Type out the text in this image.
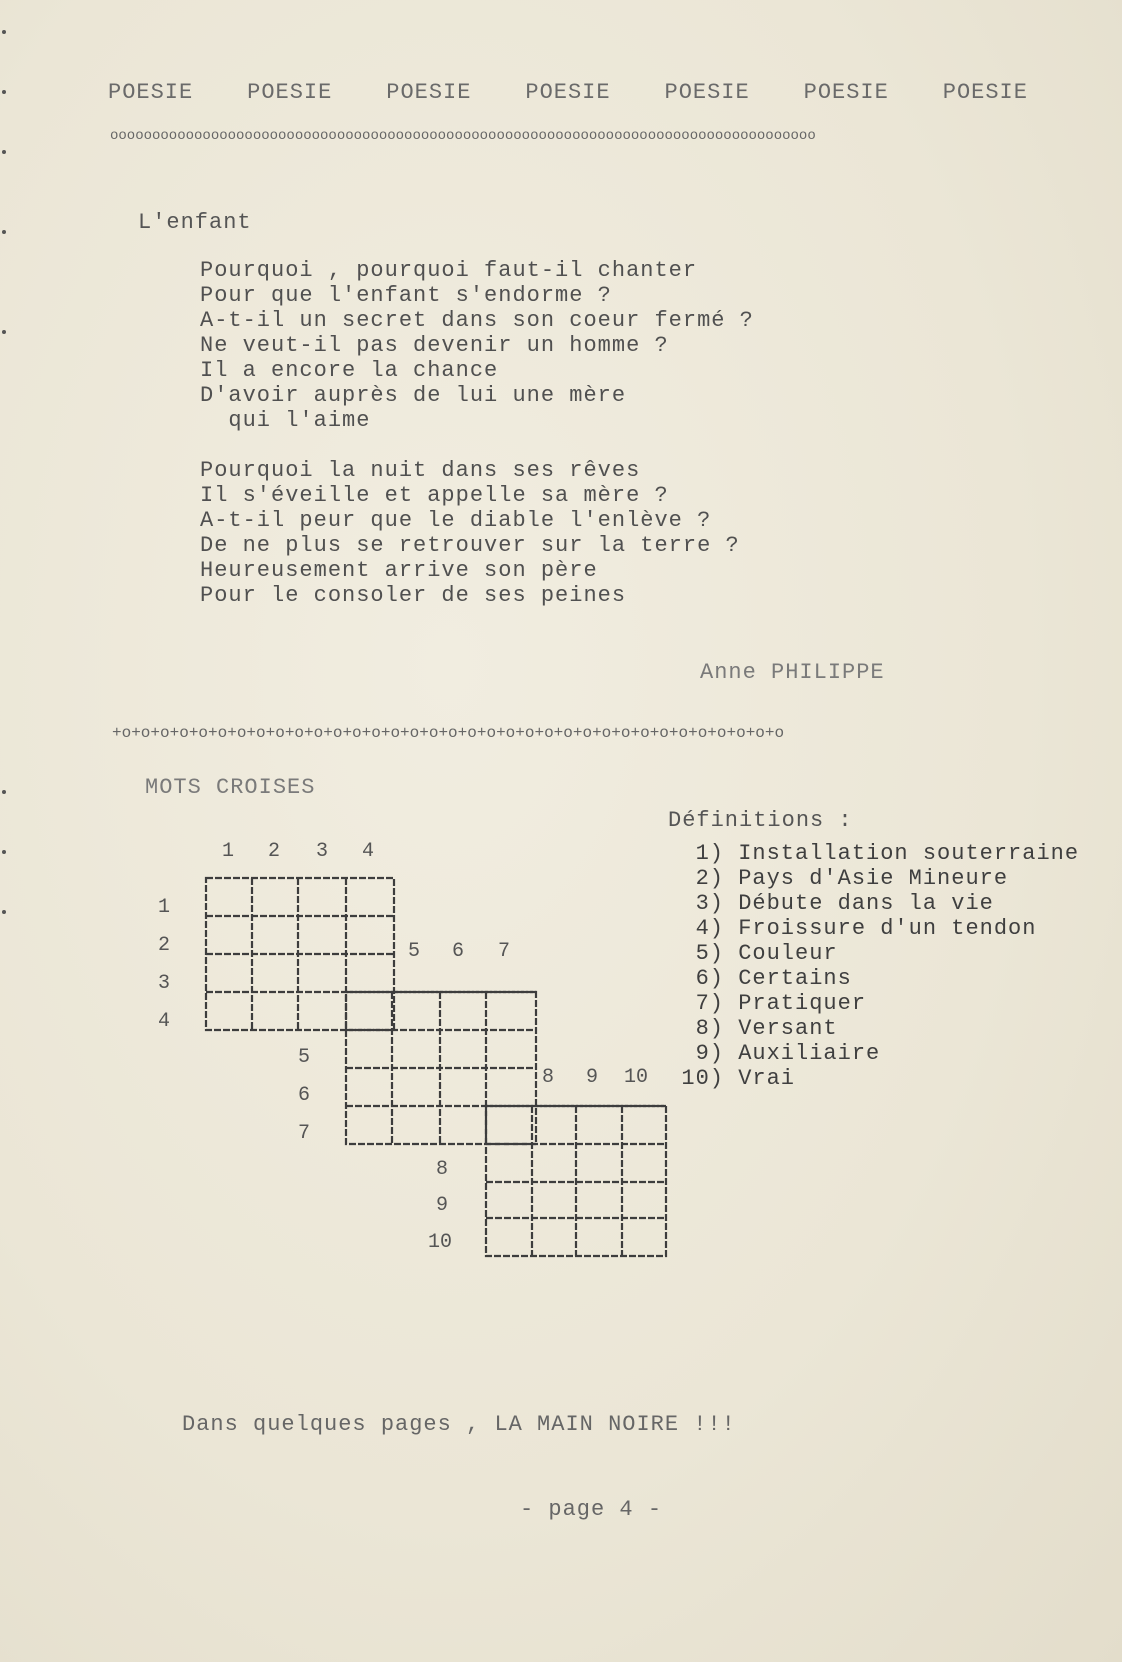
POESIE POESIE POESIE POESIE POESIE POESIE POESIE
oooooooooooooooooooooooooooooooooooooooooooooooooooooooooooooooooooooooooooooooooooo
L'enfant
Pourquoi , pourquoi faut-il chanter
Pour que l'enfant s'endorme ?
A-t-il un secret dans son coeur fermé ?
Ne veut-il pas devenir un homme ?
Il a encore la chance
D'avoir auprès de lui une mère
qui l'aime
Pourquoi la nuit dans ses rêves
Il s'éveille et appelle sa mère ?
A-t-il peur que le diable l'enlève ?
De ne plus se retrouver sur la terre ?
Heureusement arrive son père
Pour le consoler de ses peines
Anne PHILIPPE
+o+o+o+o+o+o+o+o+o+o+o+o+o+o+o+o+o+o+o+o+o+o+o+o+o+o+o+o+o+o+o+o+o+o+o
MOTS CROISES
1 2 3 4
5 6 7
8 9 10
1
2
3
4
5
6
7
8
9
10
Définitions :
1) Installation souterraine
2) Pays d'Asie Mineure
3) Débute dans la vie
4) Froissure d'un tendon
5) Couleur
6) Certains
7) Pratiquer
8) Versant
9) Auxiliaire
10) Vrai
Dans quelques pages , LA MAIN NOIRE !!!
- page 4 -
